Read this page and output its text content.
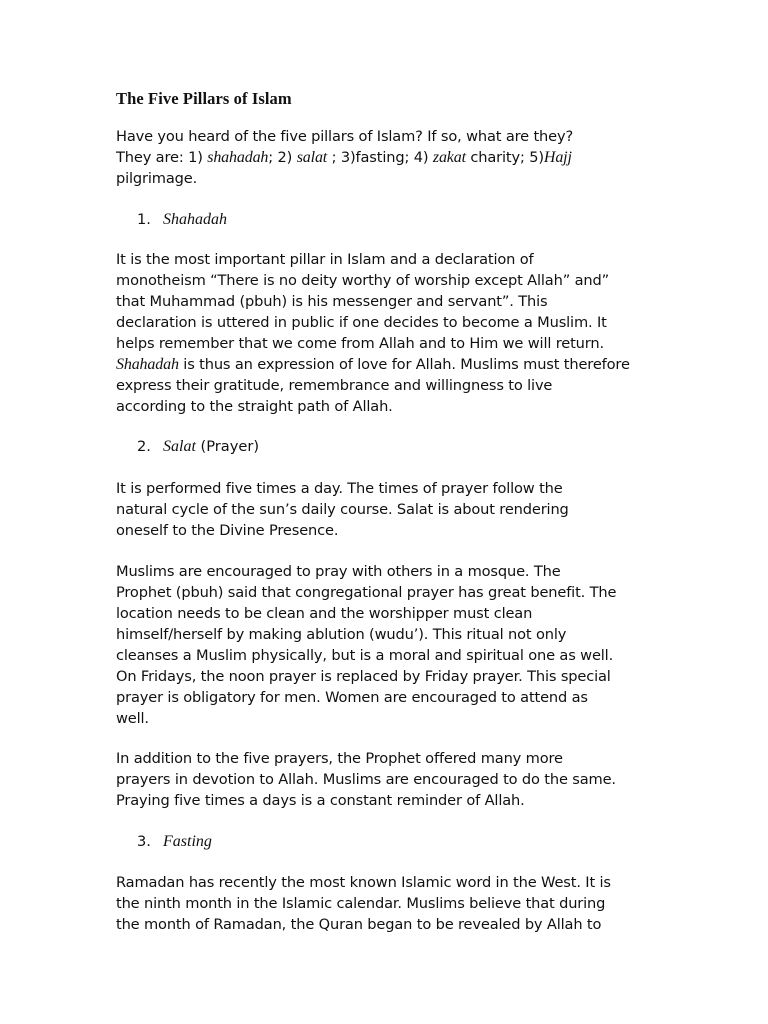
The Five Pillars of Islam

Have you heard of the five pillars of Islam? If so, what are they?
They are: 1) shahadah; 2) salat ; 3)fasting; 4) zakat charity; 5)Hajj
pilgrimage.

1. Shahadah

It is the most important pillar in Islam and a declaration of
monotheism “There is no deity worthy of worship except Allah” and”
that Muhammad (pbuh) is his messenger and servant”. This
declaration is uttered in public if one decides to become a Muslim. It
helps remember that we come from Allah and to Him we will return.
Shahadah is thus an expression of love for Allah. Muslims must therefore
express their gratitude, remembrance and willingness to live
according to the straight path of Allah.

2. Salat (Prayer)

It is performed five times a day. The times of prayer follow the
natural cycle of the sun’s daily course. Salat is about rendering
oneself to the Divine Presence.

Muslims are encouraged to pray with others in a mosque. The
Prophet (pbuh) said that congregational prayer has great benefit. The
location needs to be clean and the worshipper must clean
himself/herself by making ablution (wudu’). This ritual not only
cleanses a Muslim physically, but is a moral and spiritual one as well.
On Fridays, the noon prayer is replaced by Friday prayer. This special
prayer is obligatory for men. Women are encouraged to attend as
well.

In addition to the five prayers, the Prophet offered many more
prayers in devotion to Allah. Muslims are encouraged to do the same.
Praying five times a days is a constant reminder of Allah.

3. Fasting

Ramadan has recently the most known Islamic word in the West. It is
the ninth month in the Islamic calendar. Muslims believe that during
the month of Ramadan, the Quran began to be revealed by Allah to
